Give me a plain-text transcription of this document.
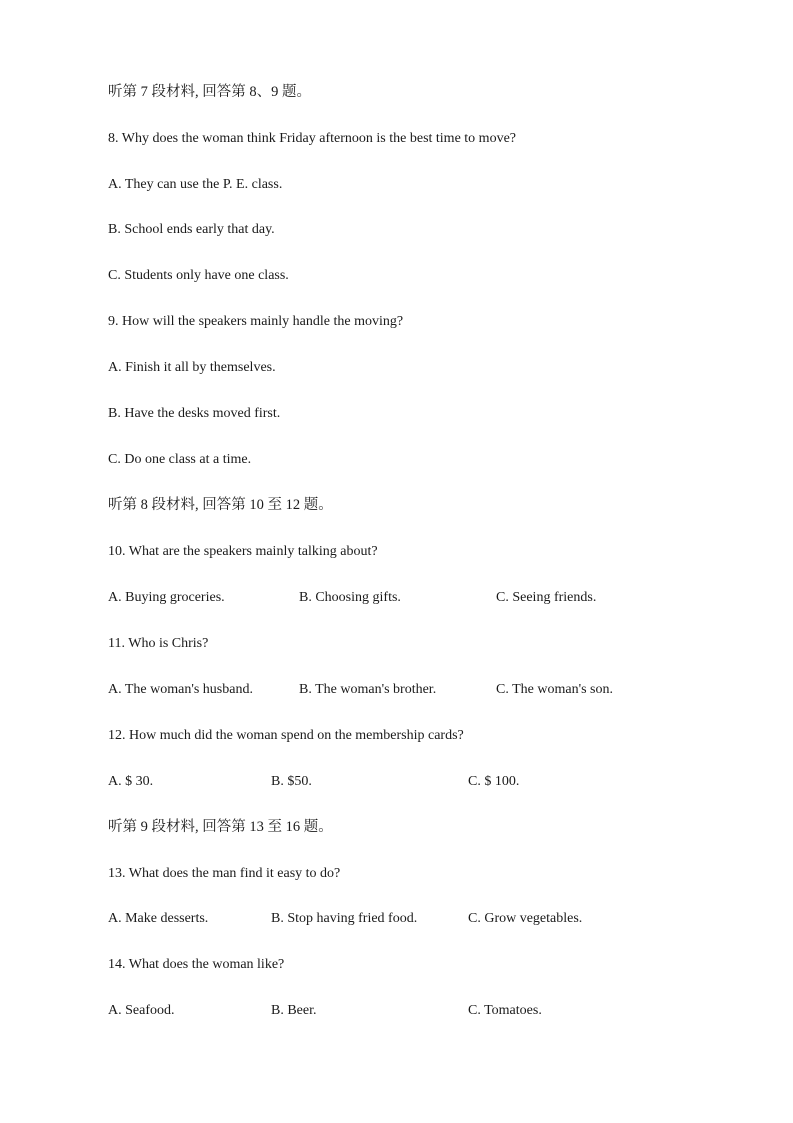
听第 7 段材料, 回答第 8、9 题。
8. Why does the woman think Friday afternoon is the best time to move?
A. They can use the P. E. class.
B. School ends early that day.
C. Students only have one class.
9. How will the speakers mainly handle the moving?
A. Finish it all by themselves.
B. Have the desks moved first.
C. Do one class at a time.
听第 8 段材料, 回答第 10 至 12 题。
10. What are the speakers mainly talking about?
A. Buying groceries.	B. Choosing gifts.	C. Seeing friends.
11. Who is Chris?
A. The woman's husband.	B. The woman's brother.	C. The woman's son.
12. How much did the woman spend on the membership cards?
A. $ 30.	B. $50.	C. $ 100.
听第 9 段材料, 回答第 13 至 16 题。
13. What does the man find it easy to do?
A. Make desserts.	B. Stop having fried food.	C. Grow vegetables.
14. What does the woman like?
A. Seafood.	B. Beer.	C. Tomatoes.
